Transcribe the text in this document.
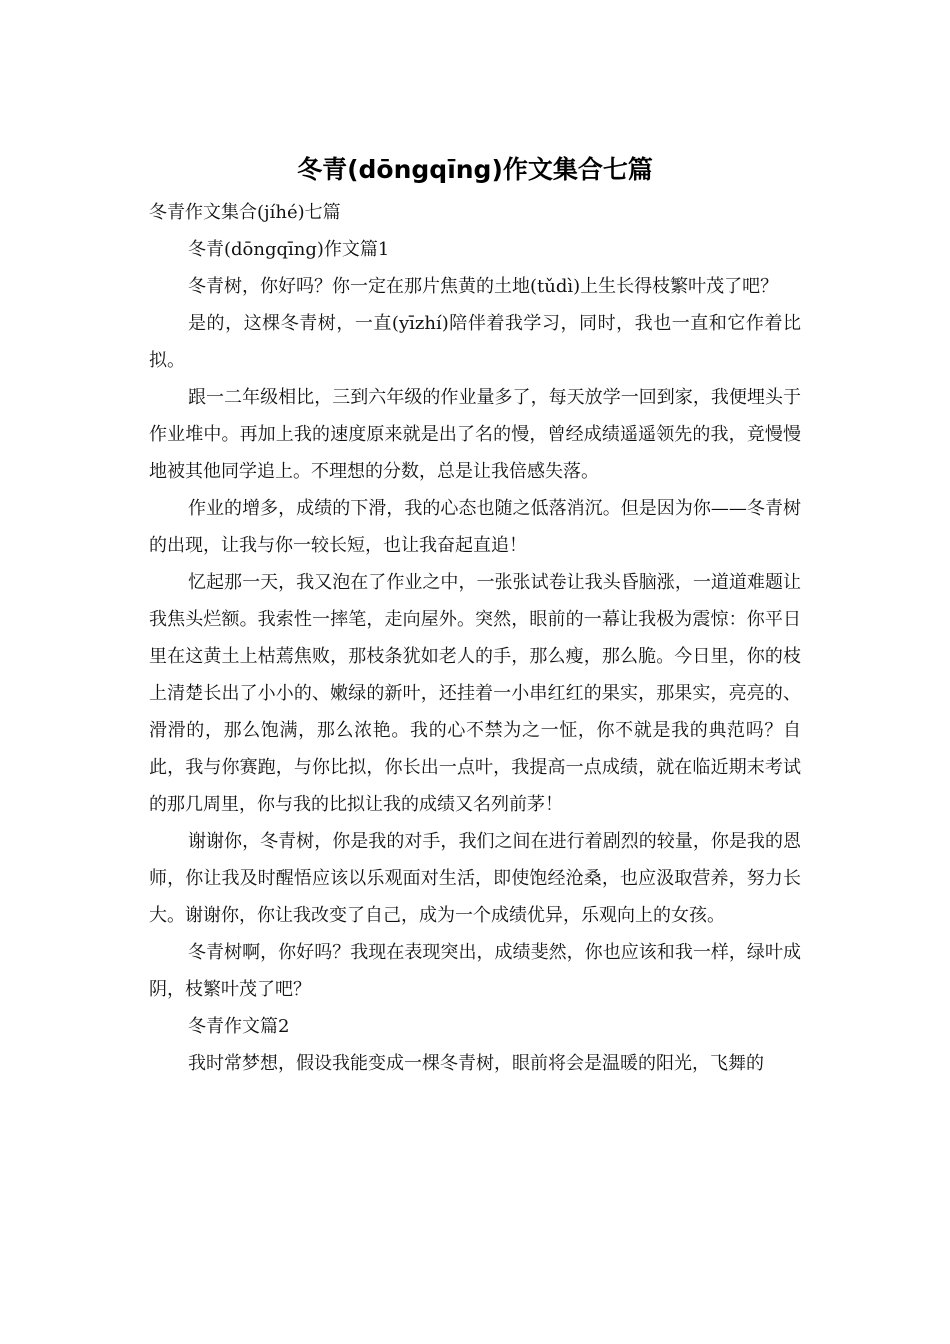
冬青(dōngqīng)作文集合七篇

冬青作文集合(jíhé)七篇

冬青(dōngqīng)作文篇1

冬青树，你好吗？你一定在那片焦黄的土地(tǔdì)上生长得枝繁叶茂了吧？

是的，这棵冬青树，一直(yīzhí)陪伴着我学习，同时，我也一直和它作着比拟。

跟一二年级相比，三到六年级的作业量多了，每天放学一回到家，我便埋头于作业堆中。再加上我的速度原来就是出了名的慢，曾经成绩遥遥领先的我，竟慢慢地被其他同学追上。不理想的分数，总是让我倍感失落。

作业的增多，成绩的下滑，我的心态也随之低落消沉。但是因为你——冬青树的出现，让我与你一较长短，也让我奋起直追！

忆起那一天，我又泡在了作业之中，一张张试卷让我头昏脑涨，一道道难题让我焦头烂额。我索性一摔笔，走向屋外。突然，眼前的一幕让我极为震惊：你平日里在这黄土上枯蔫焦败，那枝条犹如老人的手，那么瘦，那么脆。今日里，你的枝上清楚长出了小小的、嫩绿的新叶，还挂着一小串红红的果实，那果实，亮亮的、滑滑的，那么饱满，那么浓艳。我的心不禁为之一怔，你不就是我的典范吗？自此，我与你赛跑，与你比拟，你长出一点叶，我提高一点成绩，就在临近期末考试的那几周里，你与我的比拟让我的成绩又名列前茅！

谢谢你，冬青树，你是我的对手，我们之间在进行着剧烈的较量，你是我的恩师，你让我及时醒悟应该以乐观面对生活，即使饱经沧桑，也应汲取营养，努力长大。谢谢你，你让我改变了自己，成为一个成绩优异，乐观向上的女孩。

冬青树啊，你好吗？我现在表现突出，成绩斐然，你也应该和我一样，绿叶成阴，枝繁叶茂了吧？

冬青作文篇2

我时常梦想，假设我能变成一棵冬青树，眼前将会是温暖的阳光，飞舞的
